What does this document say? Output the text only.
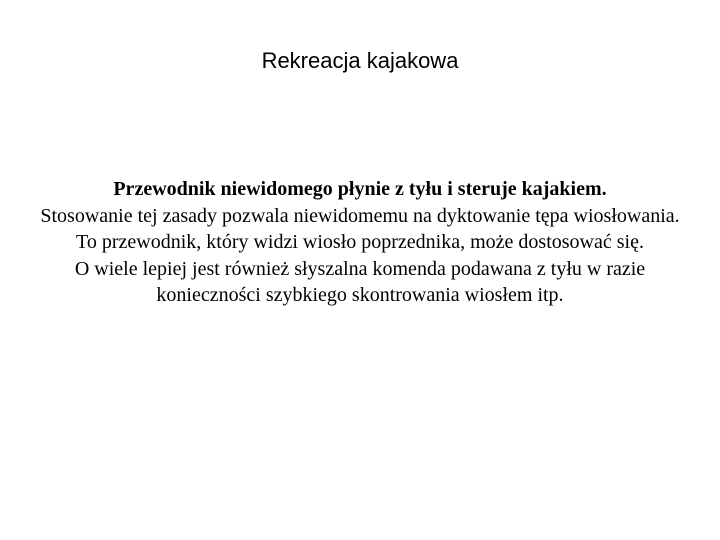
Rekreacja kajakowa

Przewodnik niewidomego płynie z tyłu i steruje kajakiem.

Stosowanie tej zasady pozwala niewidomemu na dyktowanie tępa wiosłowania.

To przewodnik, który widzi wiosło poprzednika, może dostosować się.

O wiele lepiej jest również słyszalna komenda podawana z tyłu w razie konieczności szybkiego skontrowania wiosłem itp.
